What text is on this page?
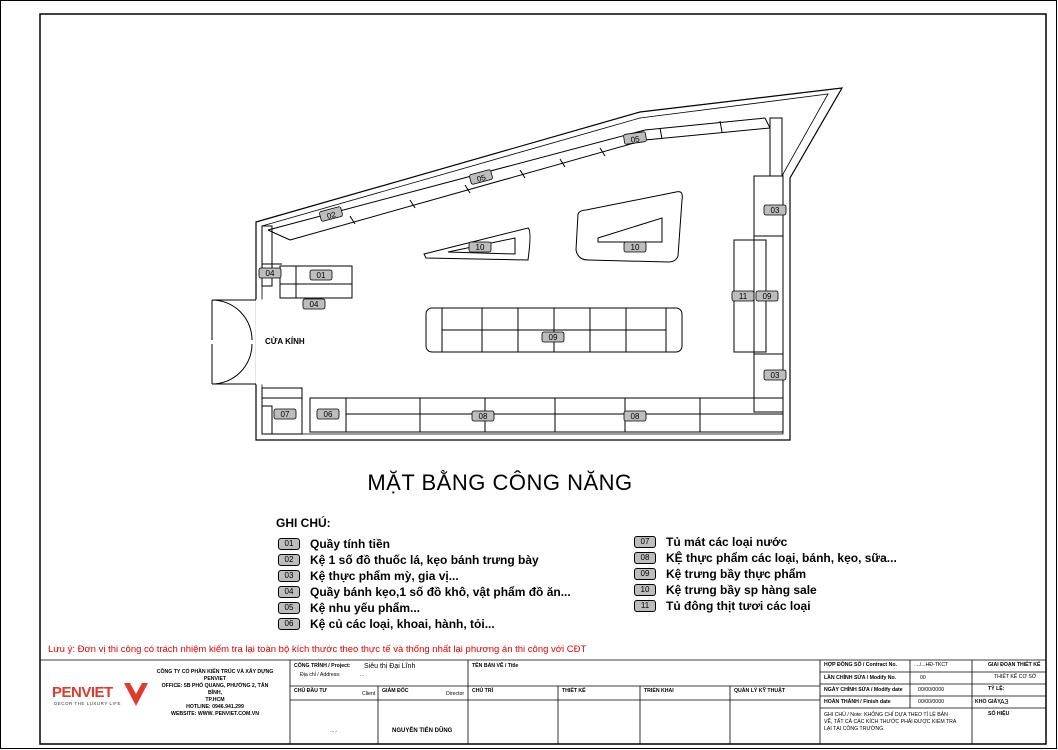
01
02	03
03
04
04
05
05
06
07	08	08
09
09
10	10
11
CỬA KÍNH
MẶT BẰNG CÔNG NĂNG
GHI CHÚ:
01	Quầy tính tiền
02	Kệ 1 số đồ thuốc lá, kẹo bánh trưng bày
03	Kệ thực phẩm mỳ, gia vị...
04	Quầy bánh kẹo,1 số đồ khô, vật phẩm đồ ăn...
05	Kệ nhu yếu phẩm...
06	Kệ củ các loại, khoai, hành, tỏi...
07	Tủ mát các loại nước
08	KỆ thực phẩm các loại, bánh, kẹo, sữa...
09	Kệ trưng bầy thực phẩm
10	Kệ trưng bầy sp hàng sale
11	Tủ đông thịt tươi các loại
Lưu ý: Đơn vị thi công có trách nhiệm kiểm tra lại toàn bộ kích thước theo thực tế và thống nhất lại phương án thi công với CĐT
PENVIET
DECOR THE LUXURY LIFE
CÔNG TY CỔ PHẦN KIẾN TRÚC VÀ XÂY DỰNG
PENVIET
OFFICE: 5B PHÓ QUANG, PHƯỜNG 2, TÂN
BÌNH,
TP.HCM
HOTLINE: 0946.941.299
WEBSITE: WWW. PENVIET.COM.VN
CÔNG TRÌNH / Project: Siêu thị Đại Lĩnh
Địa chỉ / Address:	...
TÊN BẢN VẼ / Title
CHỦ ĐẦU TƯ	Client GIÁM ĐỐC	Director CHỦ TRÌ	THIẾT KẾ	TRIỂN KHAI	QUẢN LÝ KỸ THUẬT
.....	NGUYỄN TIẾN DŨNG
HỢP ĐỒNG SỐ / Contract No.	..../...HĐ-TKCT
LẦN CHỈNH SỬA / Modify No.	00
NGÀY CHỈNH SỬA / Modify date	00/00/0000
HOÀN THÀNH / Finish date	00/00/0000
GHI CHÚ / Note: KHÔNG CHỈ DỰA THEO TỈ LỆ BẢN
VẼ, TẤT CẢ CÁC KÍCH THƯỚC PHẢI ĐƯỢC KIỂM TRA
LẠI TẠI CÔNG TRƯỜNG.
GIAI ĐOẠN THIẾT KẾ
THIẾT KẾ CƠ SỞ
TỶ LỆ:
KHỔ GIẤY A3
SỐ HIỆU
